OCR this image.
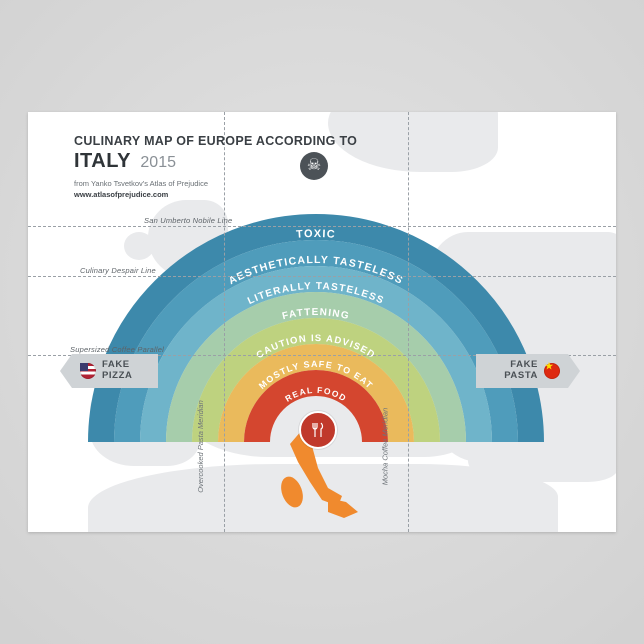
TOXIC
AESTHETICALLY TASTELESS
LITERALLY TASTELESS
FATTENING
CAUTION IS ADVISED
MOSTLY SAFE TO EAT
REAL FOOD
San Umberto Nobile Line
Culinary Despair Line
Supersized Coffee Parallel
Overcooked Pasta Meridian	Mocha Coffee Meridian
CULINARY MAP OF EUROPE ACCORDING TO
ITALY 2015
from Yanko Tsvetkov's Atlas of Prejudice
www.atlasofprejudice.com
☠
FAKE
PIZZA
FAKE
PASTA
★
